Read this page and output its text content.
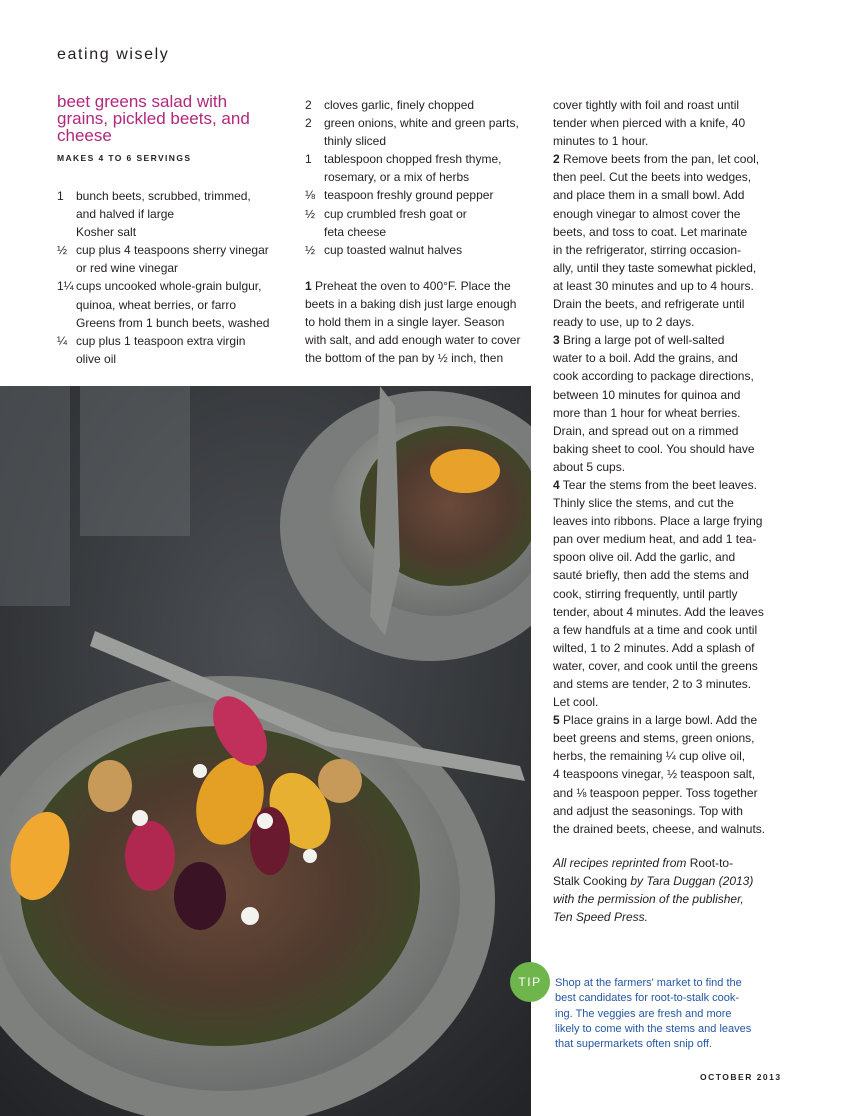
eating wisely
beet greens salad with grains, pickled beets, and cheese
MAKES 4 TO 6 SERVINGS
1	bunch beets, scrubbed, trimmed,
and halved if large
Kosher salt
½ cup plus 4 teaspoons sherry vinegar
or red wine vinegar
1¼ cups uncooked whole-grain bulgur,
quinoa, wheat berries, or farro
Greens from 1 bunch beets, washed
¼ cup plus 1 teaspoon extra virgin
olive oil
2	cloves garlic, finely chopped
2	green onions, white and green parts,
thinly sliced
1	tablespoon chopped fresh thyme,
rosemary, or a mix of herbs
⅛ teaspoon freshly ground pepper
½ cup crumbled fresh goat or
feta cheese
½ cup toasted walnut halves
1 Preheat the oven to 400°F. Place the
beets in a baking dish just large enough
to hold them in a single layer. Season
with salt, and add enough water to cover
the bottom of the pan by ½ inch, then
cover tightly with foil and roast until
tender when pierced with a knife, 40
minutes to 1 hour.
2 Remove beets from the pan, let cool,
then peel. Cut the beets into wedges,
and place them in a small bowl. Add
enough vinegar to almost cover the
beets, and toss to coat. Let marinate
in the refrigerator, stirring occasion-
ally, until they taste somewhat pickled,
at least 30 minutes and up to 4 hours.
Drain the beets, and refrigerate until
ready to use, up to 2 days.
3 Bring a large pot of well-salted
water to a boil. Add the grains, and
cook according to package directions,
between 10 minutes for quinoa and
more than 1 hour for wheat berries.
Drain, and spread out on a rimmed
baking sheet to cool. You should have
about 5 cups.
4 Tear the stems from the beet leaves.
Thinly slice the stems, and cut the
leaves into ribbons. Place a large frying
pan over medium heat, and add 1 tea-
spoon olive oil. Add the garlic, and
sauté briefly, then add the stems and
cook, stirring frequently, until partly
tender, about 4 minutes. Add the leaves
a few handfuls at a time and cook until
wilted, 1 to 2 minutes. Add a splash of
water, cover, and cook until the greens
and stems are tender, 2 to 3 minutes.
Let cool.
5 Place grains in a large bowl. Add the
beet greens and stems, green onions,
herbs, the remaining ¼ cup olive oil,
4 teaspoons vinegar, ½ teaspoon salt,
and ⅛ teaspoon pepper. Toss together
and adjust the seasonings. Top with
the drained beets, cheese, and walnuts.
All recipes reprinted from Root-to-
Stalk Cooking by Tara Duggan (2013)
with the permission of the publisher,
Ten Speed Press.
TIP	Shop at the farmers' market to find the
best candidates for root-to-stalk cook-
ing. The veggies are fresh and more
likely to come with the stems and leaves
that supermarkets often snip off.
OCTOBER 2013
